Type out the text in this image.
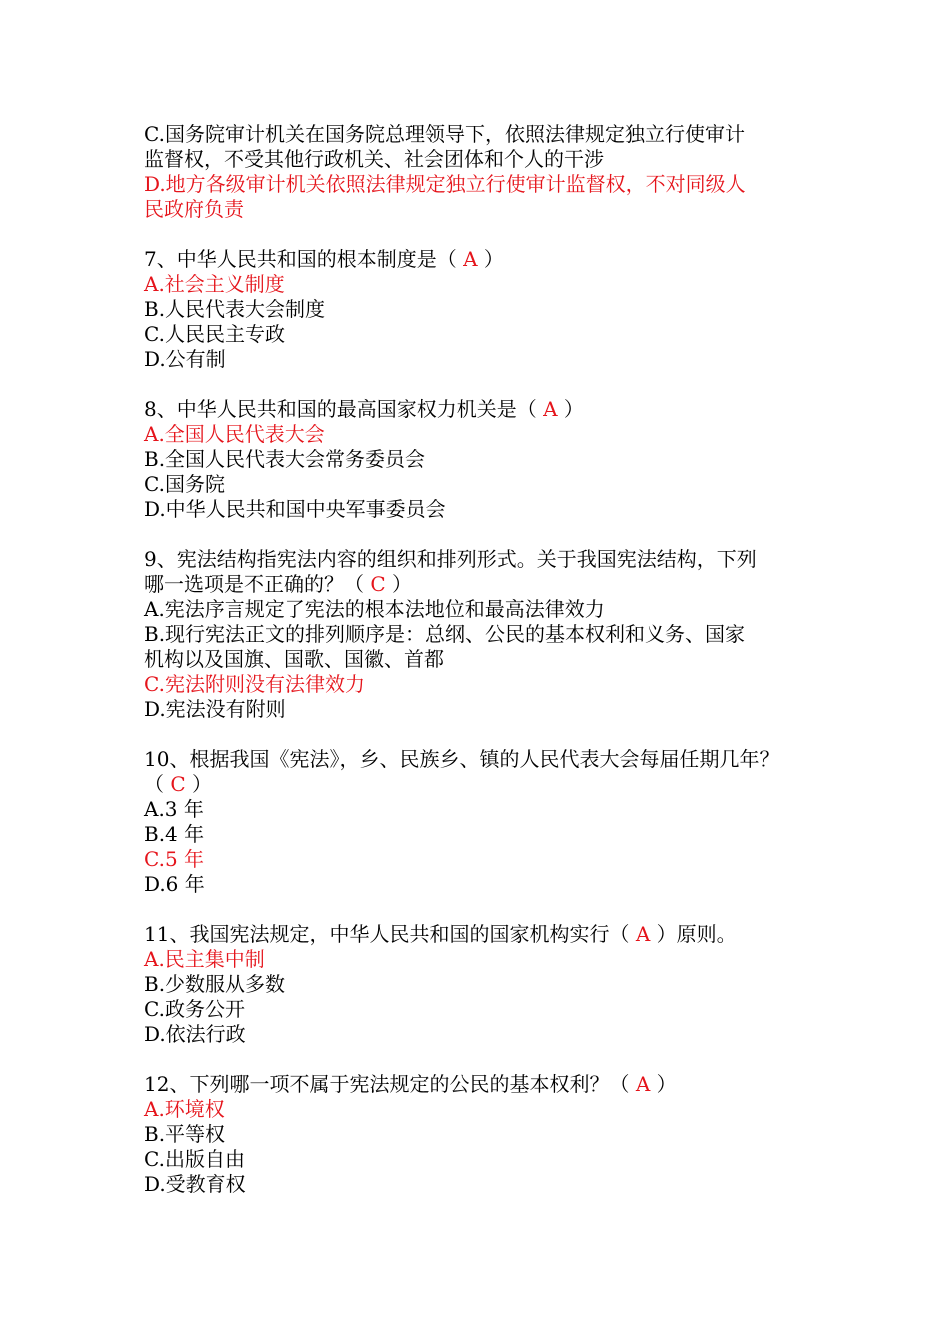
C.国务院审计机关在国务院总理领导下，依照法律规定独立行使审计
监督权，不受其他行政机关、社会团体和个人的干涉
D.地方各级审计机关依照法律规定独立行使审计监督权，不对同级人
民政府负责
7、中华人民共和国的根本制度是（ A ）
A.社会主义制度
B.人民代表大会制度
C.人民民主专政
D.公有制
8、中华人民共和国的最高国家权力机关是（ A ）
A.全国人民代表大会
B.全国人民代表大会常务委员会
C.国务院
D.中华人民共和国中央军事委员会
9、宪法结构指宪法内容的组织和排列形式。关于我国宪法结构，下列
哪一选项是不正确的？（ C ）
A.宪法序言规定了宪法的根本法地位和最高法律效力
B.现行宪法正文的排列顺序是：总纲、公民的基本权利和义务、国家
机构以及国旗、国歌、国徽、首都
C.宪法附则没有法律效力
D.宪法没有附则
10、根据我国《宪法》，乡、民族乡、镇的人民代表大会每届任期几年？
（ C ）
A.3 年
B.4 年
C.5 年
D.6 年
11、我国宪法规定，中华人民共和国的国家机构实行（ A ）原则。
A.民主集中制
B.少数服从多数
C.政务公开
D.依法行政
12、下列哪一项不属于宪法规定的公民的基本权利？（ A ）
A.环境权
B.平等权
C.出版自由
D.受教育权
